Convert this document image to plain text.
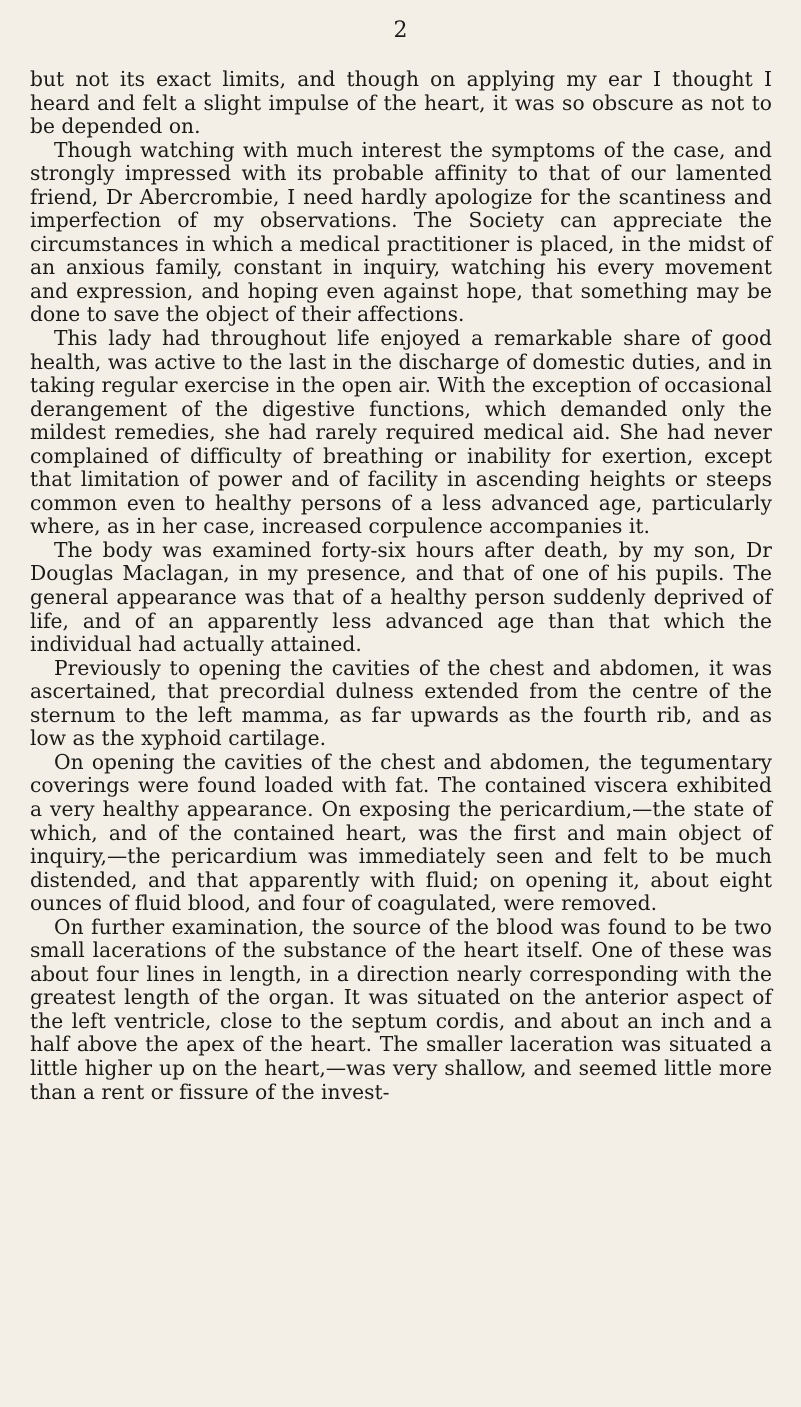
2

but not its exact limits, and though on applying my ear I thought I heard and felt a slight impulse of the heart, it was so obscure as not to be depended on.

Though watching with much interest the symptoms of the case, and strongly impressed with its probable affinity to that of our lamented friend, Dr Abercrombie, I need hardly apologize for the scantiness and imperfection of my observations. The Society can appreciate the circumstances in which a medical practitioner is placed, in the midst of an anxious family, constant in inquiry, watching his every movement and expression, and hoping even against hope, that something may be done to save the object of their affections.

This lady had throughout life enjoyed a remarkable share of good health, was active to the last in the discharge of domestic duties, and in taking regular exercise in the open air. With the exception of occasional derangement of the digestive functions, which demanded only the mildest remedies, she had rarely required medical aid. She had never complained of difficulty of breathing or inability for exertion, except that limitation of power and of facility in ascending heights or steeps common even to healthy persons of a less advanced age, particularly where, as in her case, increased corpulence accompanies it.

The body was examined forty-six hours after death, by my son, Dr Douglas Maclagan, in my presence, and that of one of his pupils. The general appearance was that of a healthy person suddenly deprived of life, and of an apparently less advanced age than that which the individual had actually attained.

Previously to opening the cavities of the chest and abdomen, it was ascertained, that precordial dulness extended from the centre of the sternum to the left mamma, as far upwards as the fourth rib, and as low as the xyphoid cartilage.

On opening the cavities of the chest and abdomen, the tegumentary coverings were found loaded with fat. The contained viscera exhibited a very healthy appearance. On exposing the pericardium,—the state of which, and of the contained heart, was the first and main object of inquiry,—the pericardium was immediately seen and felt to be much distended, and that apparently with fluid; on opening it, about eight ounces of fluid blood, and four of coagulated, were removed.

On further examination, the source of the blood was found to be two small lacerations of the substance of the heart itself. One of these was about four lines in length, in a direction nearly corresponding with the greatest length of the organ. It was situated on the anterior aspect of the left ventricle, close to the septum cordis, and about an inch and a half above the apex of the heart. The smaller laceration was situated a little higher up on the heart,—was very shallow, and seemed little more than a rent or fissure of the invest-
